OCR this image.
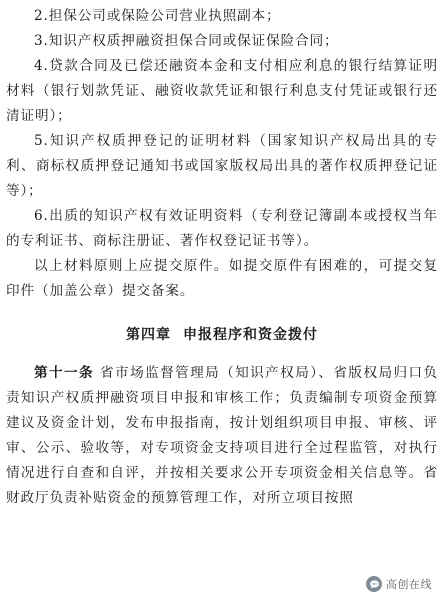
2.担保公司或保险公司营业执照副本；

3.知识产权质押融资担保合同或保证保险合同；

4.贷款合同及已偿还融资本金和支付相应利息的银行结算证明材料（银行划款凭证、融资收款凭证和银行利息支付凭证或银行还清证明）；

5.知识产权质押登记的证明材料（国家知识产权局出具的专利、商标权质押登记通知书或国家版权局出具的著作权质押登记证等）；

6.出质的知识产权有效证明资料（专利登记簿副本或授权当年的专利证书、商标注册证、著作权登记证书等）。

以上材料原则上应提交原件。如提交原件有困难的，可提交复印件（加盖公章）提交备案。

第四章 申报程序和资金拨付

第十一条 省市场监督管理局（知识产权局）、省版权局归口负责知识产权质押融资项目申报和审核工作；负责编制专项资金预算建议及资金计划，发布申报指南，按计划组织项目申报、审核、评审、公示、验收等，对专项资金支持项目进行全过程监管，对执行情况进行自查和自评，并按相关要求公开专项资金相关信息等。省财政厅负责补贴资金的预算管理工作，对所立项目按照

高创在线
